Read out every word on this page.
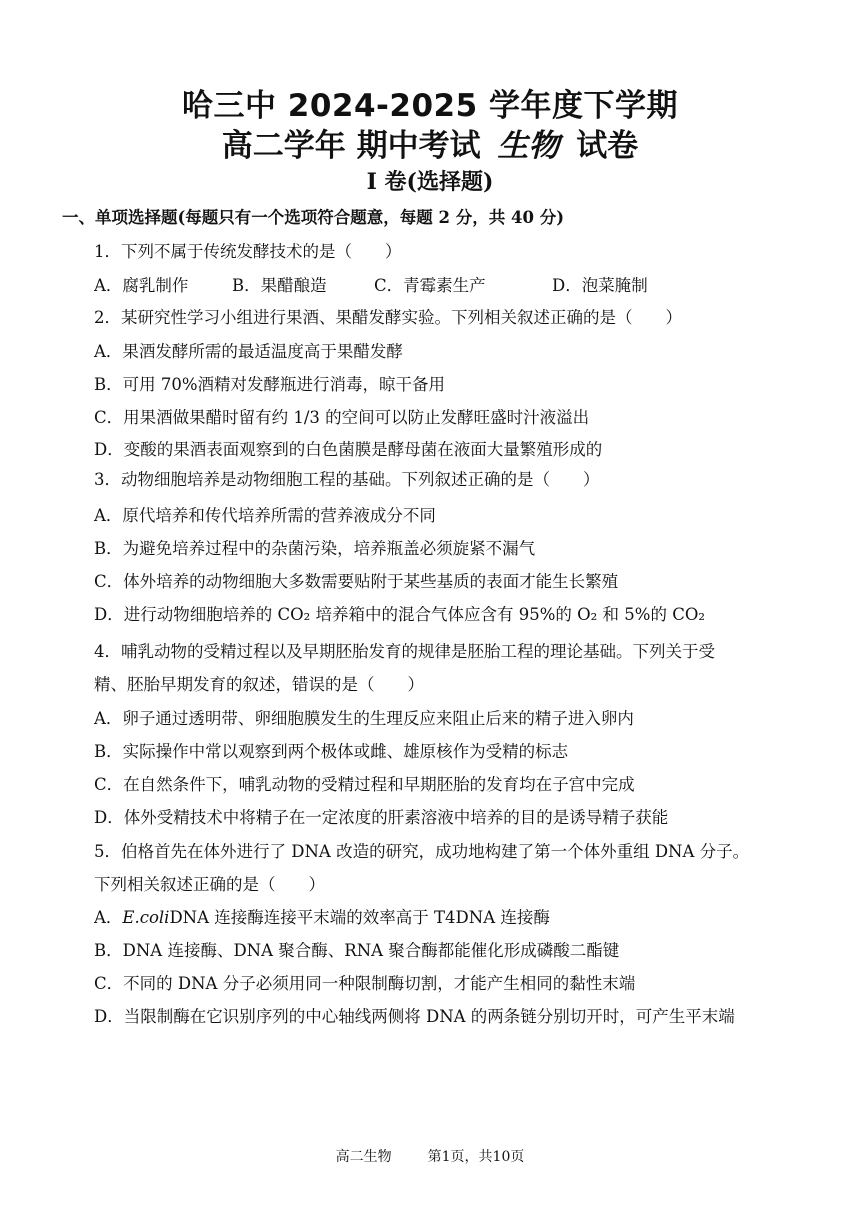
哈三中 2024-2025 学年度下学期
高二学年 期中考试 生物 试卷
I 卷(选择题)
一、单项选择题(每题只有一个选项符合题意，每题 2 分，共 40 分)
1．下列不属于传统发酵技术的是（　　）
A．腐乳制作	B．果醋酿造	C．青霉素生产	D．泡菜腌制
2．某研究性学习小组进行果酒、果醋发酵实验。下列相关叙述正确的是（　　）
A．果酒发酵所需的最适温度高于果醋发酵
B．可用 70%酒精对发酵瓶进行消毒，晾干备用
C．用果酒做果醋时留有约 1/3 的空间可以防止发酵旺盛时汁液溢出
D．变酸的果酒表面观察到的白色菌膜是酵母菌在液面大量繁殖形成的
3．动物细胞培养是动物细胞工程的基础。下列叙述正确的是（　　）
A．原代培养和传代培养所需的营养液成分不同
B．为避免培养过程中的杂菌污染，培养瓶盖必须旋紧不漏气
C．体外培养的动物细胞大多数需要贴附于某些基质的表面才能生长繁殖
D．进行动物细胞培养的 CO₂ 培养箱中的混合气体应含有 95%的 O₂ 和 5%的 CO₂
4．哺乳动物的受精过程以及早期胚胎发育的规律是胚胎工程的理论基础。下列关于受
精、胚胎早期发育的叙述，错误的是（　　）
A．卵子通过透明带、卵细胞膜发生的生理反应来阻止后来的精子进入卵内
B．实际操作中常以观察到两个极体或雌、雄原核作为受精的标志
C．在自然条件下，哺乳动物的受精过程和早期胚胎的发育均在子宫中完成
D．体外受精技术中将精子在一定浓度的肝素溶液中培养的目的是诱导精子获能
5．伯格首先在体外进行了 DNA 改造的研究，成功地构建了第一个体外重组 DNA 分子。
下列相关叙述正确的是（　　）
A．E.coliDNA 连接酶连接平末端的效率高于 T4DNA 连接酶
B．DNA 连接酶、DNA 聚合酶、RNA 聚合酶都能催化形成磷酸二酯键
C．不同的 DNA 分子必须用同一种限制酶切割，才能产生相同的黏性末端
D．当限制酶在它识别序列的中心轴线两侧将 DNA 的两条链分别切开时，可产生平末端
高二生物	第1页，共10页
